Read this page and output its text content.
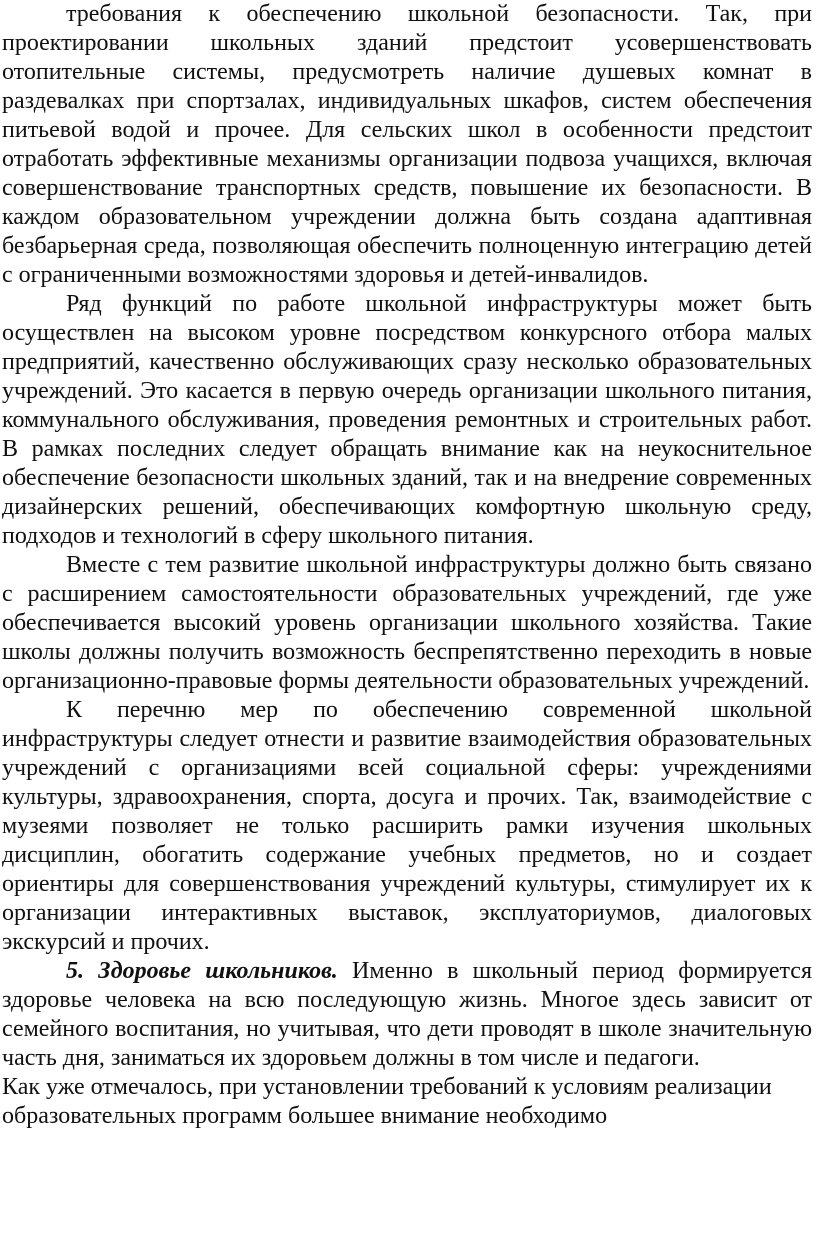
требования к обеспечению школьной безопасности. Так, при проектировании школьных зданий предстоит усовершенствовать отопительные системы, предусмотреть наличие душевых комнат в раздевалках при спортзалах, индивидуальных шкафов, систем обеспечения питьевой водой и прочее. Для сельских школ в особенности предстоит отработать эффективные механизмы организации подвоза учащихся, включая совершенствование транспортных средств, повышение их безопасности. В каждом образовательном учреждении должна быть создана адаптивная безбарьерная среда, позволяющая обеспечить полноценную интеграцию детей с ограниченными возможностями здоровья и детей-инвалидов.

Ряд функций по работе школьной инфраструктуры может быть осуществлен на высоком уровне посредством конкурсного отбора малых предприятий, качественно обслуживающих сразу несколько образовательных учреждений. Это касается в первую очередь организации школьного питания, коммунального обслуживания, проведения ремонтных и строительных работ. В рамках последних следует обращать внимание как на неукоснительное обеспечение безопасности школьных зданий, так и на внедрение современных дизайнерских решений, обеспечивающих комфортную школьную среду, подходов и технологий в сферу школьного питания.

Вместе с тем развитие школьной инфраструктуры должно быть связано с расширением самостоятельности образовательных учреждений, где уже обеспечивается высокий уровень организации школьного хозяйства. Такие школы должны получить возможность беспрепятственно переходить в новые организационно-правовые формы деятельности образовательных учреждений.

К перечню мер по обеспечению современной школьной инфраструктуры следует отнести и развитие взаимодействия образовательных учреждений с организациями всей социальной сферы: учреждениями культуры, здравоохранения, спорта, досуга и прочих. Так, взаимодействие с музеями позволяет не только расширить рамки изучения школьных дисциплин, обогатить содержание учебных предметов, но и создает ориентиры для совершенствования учреждений культуры, стимулирует их к организации интерактивных выставок, эксплуаториумов, диалоговых экскурсий и прочих.

5. Здоровье школьников. Именно в школьный период формируется здоровье человека на всю последующую жизнь. Многое здесь зависит от семейного воспитания, но учитывая, что дети проводят в школе значительную часть дня, заниматься их здоровьем должны в том числе и педагоги.

Как уже отмечалось, при установлении требований к условиям реализации образовательных программ большее внимание необходимо
